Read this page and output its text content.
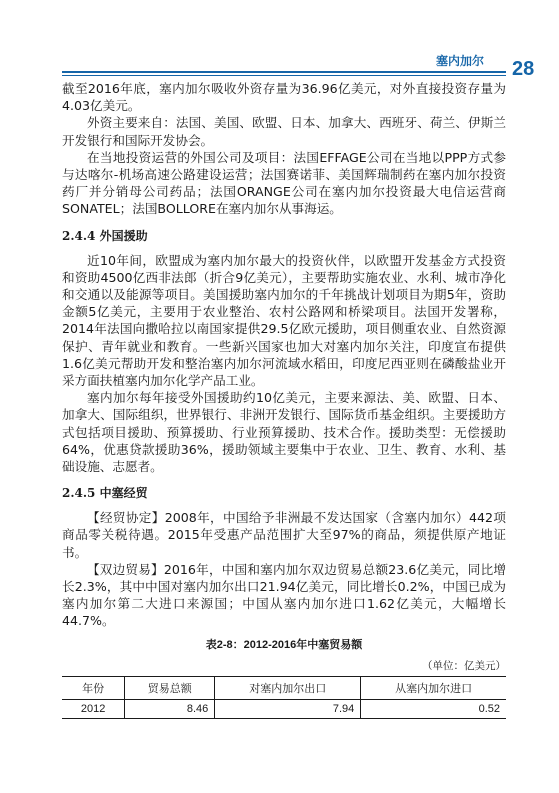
塞内加尔 28

截至2016年底，塞内加尔吸收外资存量为36.96亿美元，对外直接投资存量为4.03亿美元。

外资主要来自：法国、美国、欧盟、日本、加拿大、西班牙、荷兰、伊斯兰开发银行和国际开发协会。

在当地投资运营的外国公司及项目：法国EFFAGE公司在当地以PPP方式参与达喀尔-机场高速公路建设运营；法国赛诺菲、美国辉瑞制药在塞内加尔投资药厂并分销母公司药品；法国ORANGE公司在塞内加尔投资最大电信运营商SONATEL；法国BOLLORE在塞内加尔从事海运。

2.4.4 外国援助

近10年间，欧盟成为塞内加尔最大的投资伙伴，以欧盟开发基金方式投资和资助4500亿西非法郎（折合9亿美元），主要帮助实施农业、水利、城市净化和交通以及能源等项目。美国援助塞内加尔的千年挑战计划项目为期5年，资助金额5亿美元，主要用于农业整治、农村公路网和桥梁项目。法国开发署称，2014年法国向撒哈拉以南国家提供29.5亿欧元援助，项目侧重农业、自然资源保护、青年就业和教育。一些新兴国家也加大对塞内加尔关注，印度宣布提供1.6亿美元帮助开发和整治塞内加尔河流域水稻田，印度尼西亚则在磷酸盐业开采方面扶植塞内加尔化学产品工业。

塞内加尔每年接受外国援助约10亿美元，主要来源法、美、欧盟、日本、加拿大、国际组织，世界银行、非洲开发银行、国际货币基金组织。主要援助方式包括项目援助、预算援助、行业预算援助、技术合作。援助类型：无偿援助64%，优惠贷款援助36%，援助领域主要集中于农业、卫生、教育、水利、基础设施、志愿者。

2.4.5 中塞经贸

【经贸协定】2008年，中国给予非洲最不发达国家（含塞内加尔）442项商品零关税待遇。2015年受惠产品范围扩大至97%的商品，须提供原产地证书。

【双边贸易】2016年，中国和塞内加尔双边贸易总额23.6亿美元，同比增长2.3%，其中中国对塞内加尔出口21.94亿美元，同比增长0.2%，中国已成为塞内加尔第二大进口来源国；中国从塞内加尔进口1.62亿美元，大幅增长44.7%。

表2-8：2012-2016年中塞贸易额
（单位：亿美元）
年份	贸易总额	对塞内加尔出口	从塞内加尔进口
2012	8.46	7.94	0.52
